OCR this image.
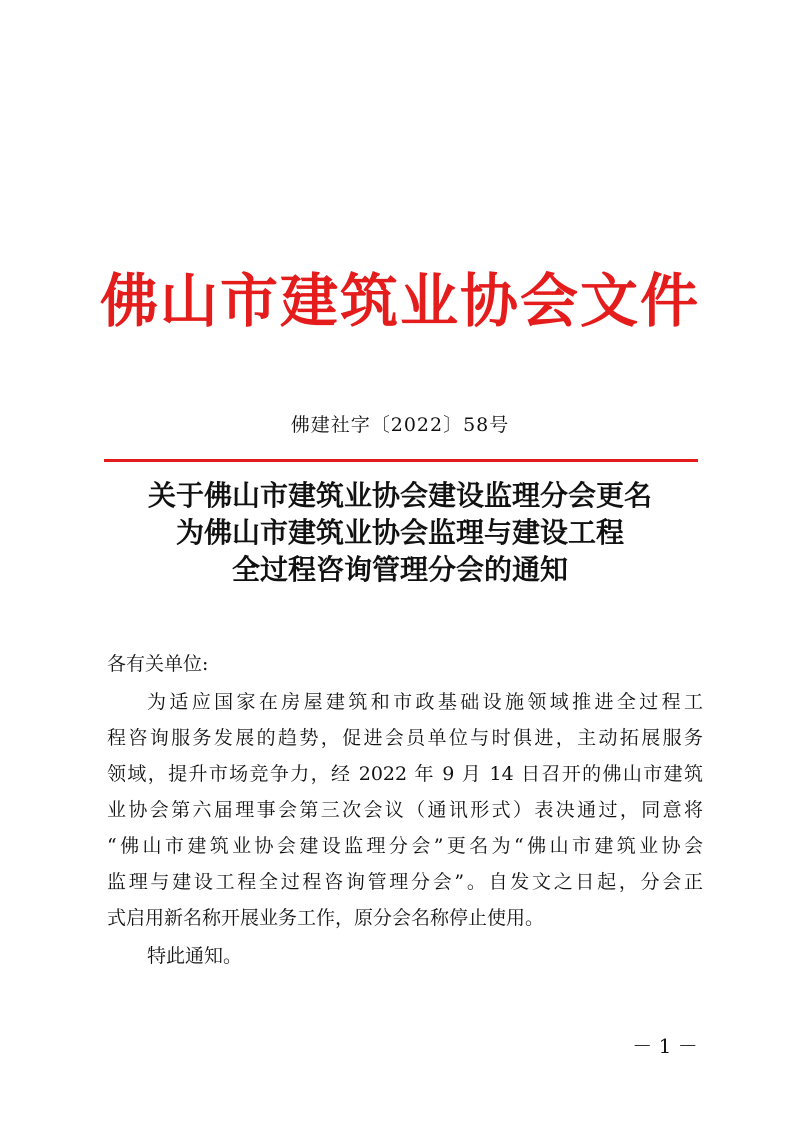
佛山市建筑业协会文件
佛建社字〔2022〕58号
关于佛山市建筑业协会建设监理分会更名
为佛山市建筑业协会监理与建设工程
全过程咨询管理分会的通知
各有关单位:
为适应国家在房屋建筑和市政基础设施领域推进全过程工
程咨询服务发展的趋势，促进会员单位与时俱进，主动拓展服务
领域，提升市场竞争力，经 2022 年 9 月 14 日召开的佛山市建筑
业协会第六届理事会第三次会议（通讯形式）表决通过，同意将
“佛山市建筑业协会建设监理分会”更名为“佛山市建筑业协会
监理与建设工程全过程咨询管理分会”。自发文之日起，分会正
式启用新名称开展业务工作，原分会名称停止使用。
特此通知。
－ 1 －
